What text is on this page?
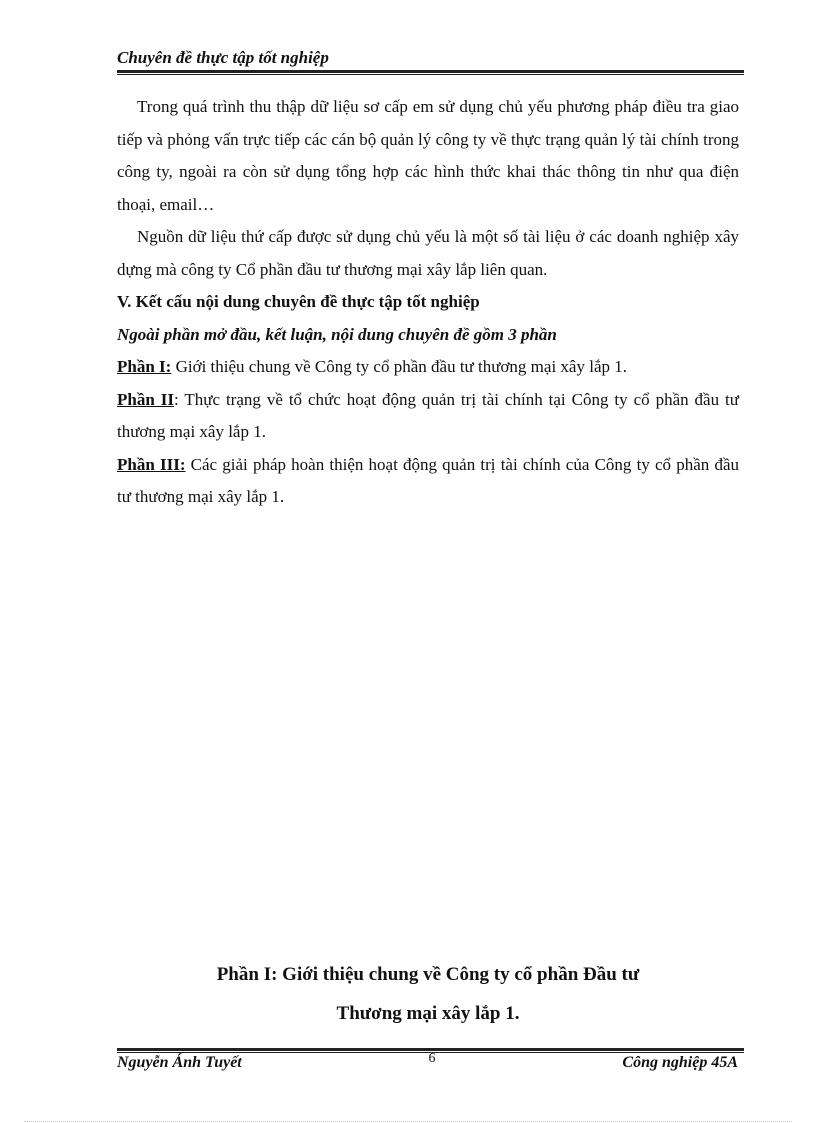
Chuyên đề thực tập tốt nghiệp

Trong quá trình thu thập dữ liệu sơ cấp em sử dụng chủ yếu phương pháp điều tra giao tiếp và phỏng vấn trực tiếp các cán bộ quản lý công ty về thực trạng quản lý tài chính trong công ty, ngoài ra còn sử dụng tổng hợp các hình thức khai thác thông tin như qua điện thoại, email…

Nguồn dữ liệu thứ cấp được sử dụng chủ yếu là một số tài liệu ở các doanh nghiệp xây dựng mà công ty Cổ phần đầu tư thương mại xây lắp liên quan.

V. Kết cấu nội dung chuyên đề thực tập tốt nghiệp

Ngoài phần mở đầu, kết luận, nội dung chuyên đề gồm 3 phần

Phần I: Giới thiệu chung về Công ty cổ phần đầu tư thương mại xây lắp 1.

Phần II: Thực trạng về tổ chức hoạt động quản trị tài chính tại Công ty cổ phần đầu tư thương mại xây lắp 1.

Phần III: Các giải pháp hoàn thiện hoạt động quản trị tài chính của Công ty cổ phần đầu tư thương mại xây lắp 1.

Phần I: Giới thiệu chung về Công ty cổ phần Đầu tư
Thương mại xây lắp 1.
Nguyễn Ánh Tuyết	6	Công nghiệp 45A
